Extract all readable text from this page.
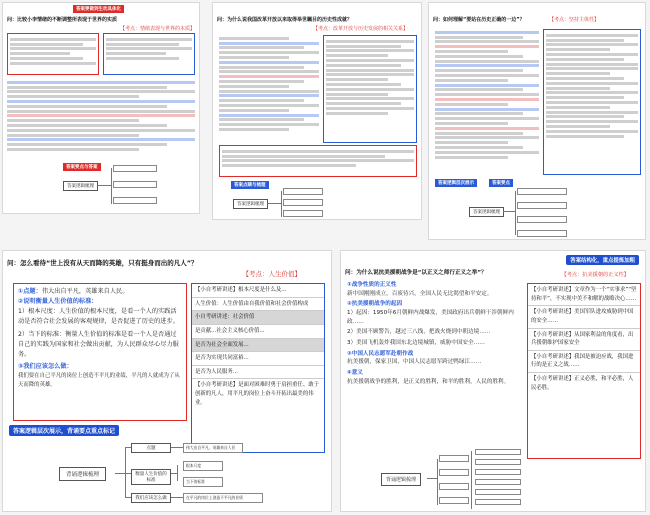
答案要做到生动具体化
问：比较小李情绪的不断调整所表现于世界的实质
【考点：情绪表现与世界的本质】
答案逻辑梳理
答案要点与答案
问：为什么说我国改革开放以来取得举世瞩目的历史性成就？
【考点：改革开放与历史发展的相关关系】
答案点睛与梳理
答案逻辑梳理
问：如何理解“要站在历史正确的一边”？	【考点：坚持主体性】
答案逻辑层次展示	答案要点
答案逻辑梳理
问：怎么看待“世上没有从天而降的英雄，只有挺身而出的凡人”？
【考点：人生价值】
①点题：伟大出自平凡，英雄来自人民。
②说明衡量人生价值的标准：
1）根本尺度：人生价值的根本尺度，是看一个人的实践活动是否符合社会发展的客观规律，是否促进了历史的进步。
2）当下的标准：衡量人生价值的标准是看一个人是否通过自己的实践为国家和社会做出贡献，为人民群众尽心尽力服务。
③我们应该怎么做：
我们要在自己平凡的岗位上创造不平凡的业绩，平凡的人就成为了从天而降的英雄。
【小自考研讲述】根本尺度是什么及...
人生价值：人生价值由自我价值和社会价值构成
小自考研讲述：社会价值
是贡献...社会主义核心价值...
是否为社会全面发展...
是否为实现共同富裕...
是否为人民服务...
【小自考研讲述】是面对困难时勇于肩担重任、敢于创新的凡人，用平凡的岗位上奋斗开拓出最美的伟业。
答案逻辑层次展示，背诵要点重点标记
背诵逻辑梳理
点题
衡量人生价值的标准
我们应该怎么做
伟大出自平凡，英雄来自人民
根本尺度
当下的标准
在平凡的岗位上创造不平凡的业绩
问：为什么说抗美援朝战争是“以正义之师行正义之举”？
答案结构化，重点提炼加粗
【考点：抗美援朝的正义性】
①战争性质的正义性
新中国刚刚成立，百废待兴，全国人民无比渴望和平安定。
②抗美援朝战争的起因
1）起因：1950年6月朝鲜内战爆发，美国政府出兵朝鲜干涉朝鲜内政……
2）美国不顾警告，越过三八线，把战火烧到中朝边境……
3）美国飞机轰炸我国东北边境城镇，威胁中国安全……
③中国人民志愿军赴朝作战
抗美援朝，保家卫国，中国人民志愿军跨过鸭绿江……
④意义
抗美援朝战争的胜利，是正义的胜利，和平的胜利，人民的胜利。
【小自考研讲述】文章作为一个“实事求”“坚持和平”，不实现中美不和解的战略决心……
【小自考研讲述】美国军队进攻威胁到中国的安全……
【小自考研讲述】从国家利益的角度看，出兵援朝维护国家安全
【小自考研讲述】我国是被迫应战，我国进行的是正义之战……
【小自考研讲述】正义必胜，和平必胜，人民必胜。
背诵逻辑梳理
